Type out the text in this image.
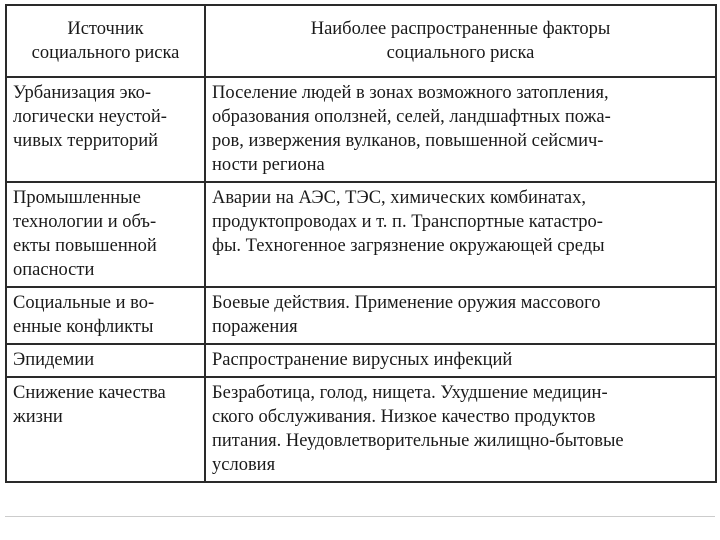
Источник
социального риска	Наиболее распространенные факторы
социального риска

Урбанизация эко-
логически неустой-
чивых территорий	Поселение людей в зонах возможного затопления,
образования оползней, селей, ландшафтных пожа-
ров, извержения вулканов, повышенной сейсмич-
ности региона

Промышленные
технологии и объ-
екты повышенной
опасности	Аварии на АЭС, ТЭС, химических комбинатах,
продуктопроводах и т. п. Транспортные катастро-
фы. Техногенное загрязнение окружающей среды

Социальные и во-
енные конфликты	Боевые действия. Применение оружия массового
поражения

Эпидемии	Распространение вирусных инфекций

Снижение качества
жизни	Безработица, голод, нищета. Ухудшение медицин-
ского обслуживания. Низкое качество продуктов
питания. Неудовлетворительные жилищно-бытовые
условия
